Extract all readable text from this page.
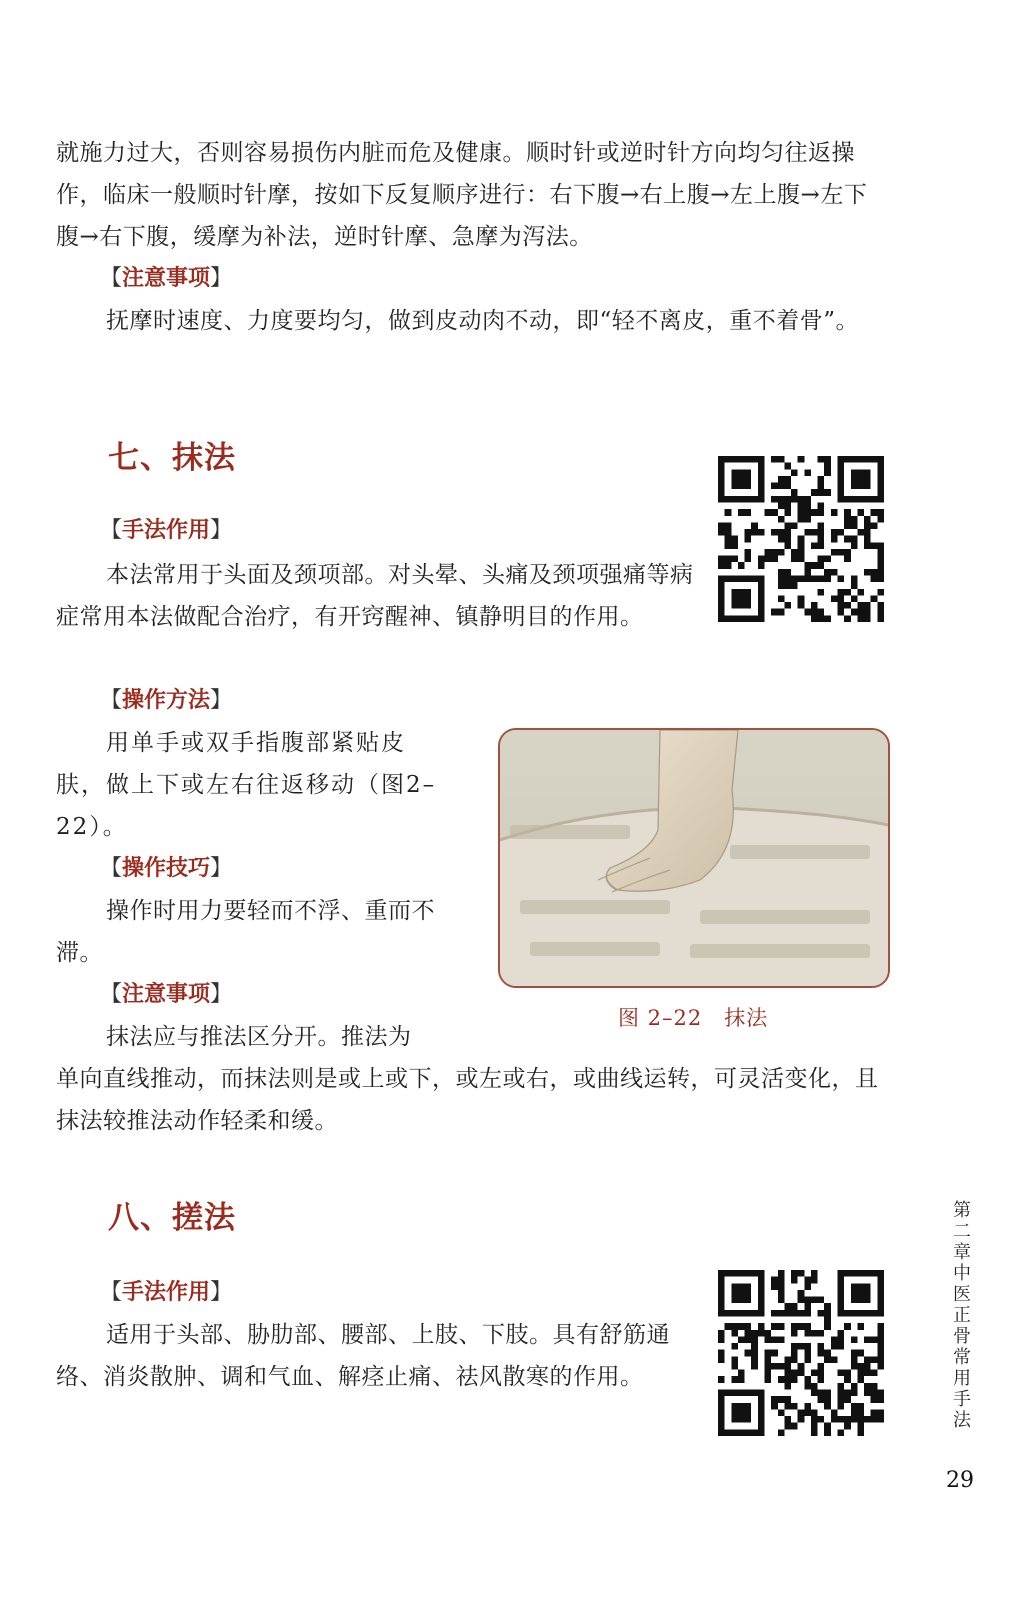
就施力过大，否则容易损伤内脏而危及健康。顺时针或逆时针方向均匀往返操作，临床一般顺时针摩，按如下反复顺序进行：右下腹→右上腹→左上腹→左下腹→右下腹，缓摩为补法，逆时针摩、急摩为泻法。

【注意事项】

抚摩时速度、力度要均匀，做到皮动肉不动，即“轻不离皮，重不着骨”。

七、抹法

【手法作用】

本法常用于头面及颈项部。对头晕、头痛及颈项强痛等病症常用本法做配合治疗，有开窍醒神、镇静明目的作用。

【操作方法】

用单手或双手指腹部紧贴皮肤，做上下或左右往返移动（图2–22）。

【操作技巧】

操作时用力要轻而不浮、重而不滞。

【注意事项】

抹法应与推法区分开。推法为

单向直线推动，而抹法则是或上或下，或左或右，或曲线运转，可灵活变化，且抹法较推法动作轻柔和缓。

图 2–22　抹法

八、搓法

【手法作用】

适用于头部、胁肋部、腰部、上肢、下肢。具有舒筋通络、消炎散肿、调和气血、解痉止痛、祛风散寒的作用。

第二章　中医正骨常用手法

29
